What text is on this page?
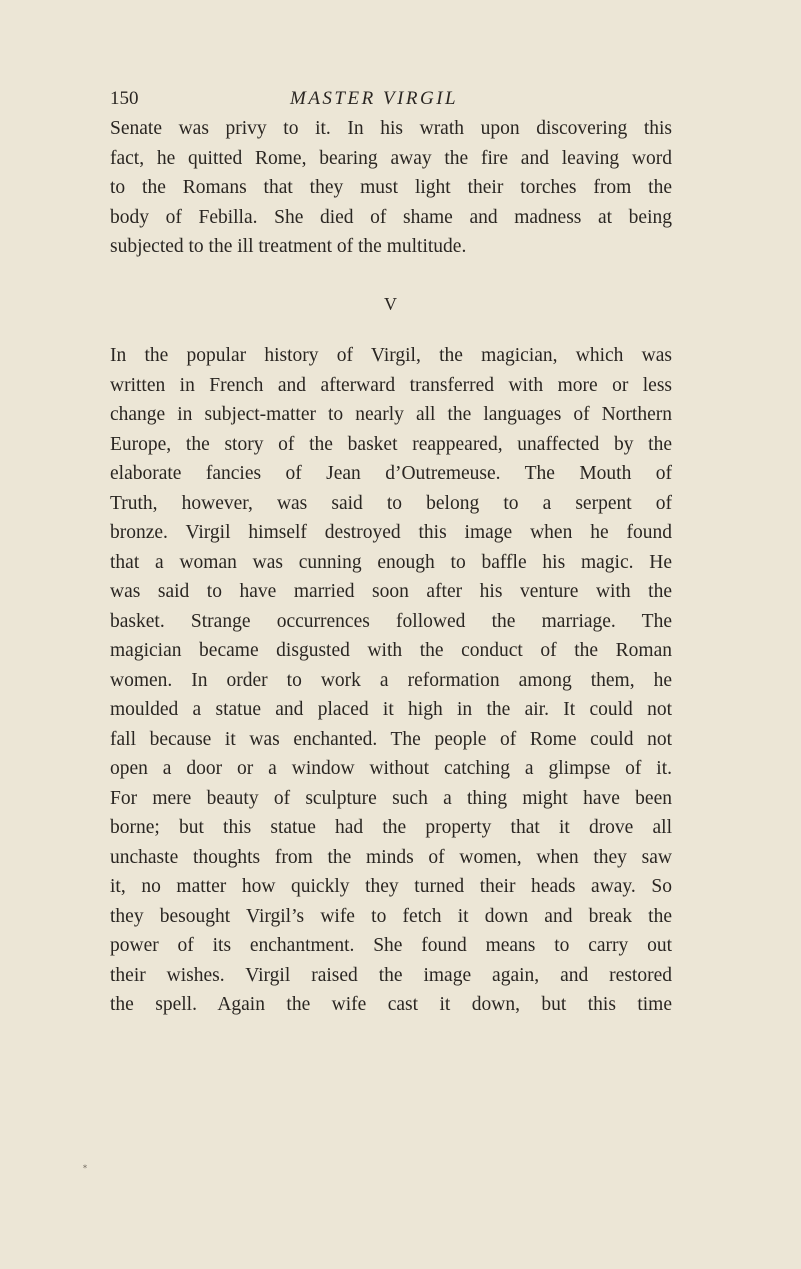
150	MASTER VIRGIL
Senate was privy to it. In his wrath upon discovering this
fact, he quitted Rome, bearing away the fire and leaving word
to the Romans that they must light their torches from the
body of Febilla. She died of shame and madness at being
subjected to the ill treatment of the multitude.
V
In the popular history of Virgil, the magician, which was
written in French and afterward transferred with more or less
change in subject-matter to nearly all the languages of Northern
Europe, the story of the basket reappeared, unaffected by the
elaborate fancies of Jean d’Outremeuse. The Mouth of
Truth, however, was said to belong to a serpent of
bronze. Virgil himself destroyed this image when he found
that a woman was cunning enough to baffle his magic. He
was said to have married soon after his venture with the
basket. Strange occurrences followed the marriage. The
magician became disgusted with the conduct of the Roman
women. In order to work a reformation among them, he
moulded a statue and placed it high in the air. It could not
fall because it was enchanted. The people of Rome could not
open a door or a window without catching a glimpse of it.
For mere beauty of sculpture such a thing might have been
borne; but this statue had the property that it drove all
unchaste thoughts from the minds of women, when they saw
it, no matter how quickly they turned their heads away. So
they besought Virgil’s wife to fetch it down and break the
power of its enchantment. She found means to carry out
their wishes. Virgil raised the image again, and restored
the spell. Again the wife cast it down, but this time
*
